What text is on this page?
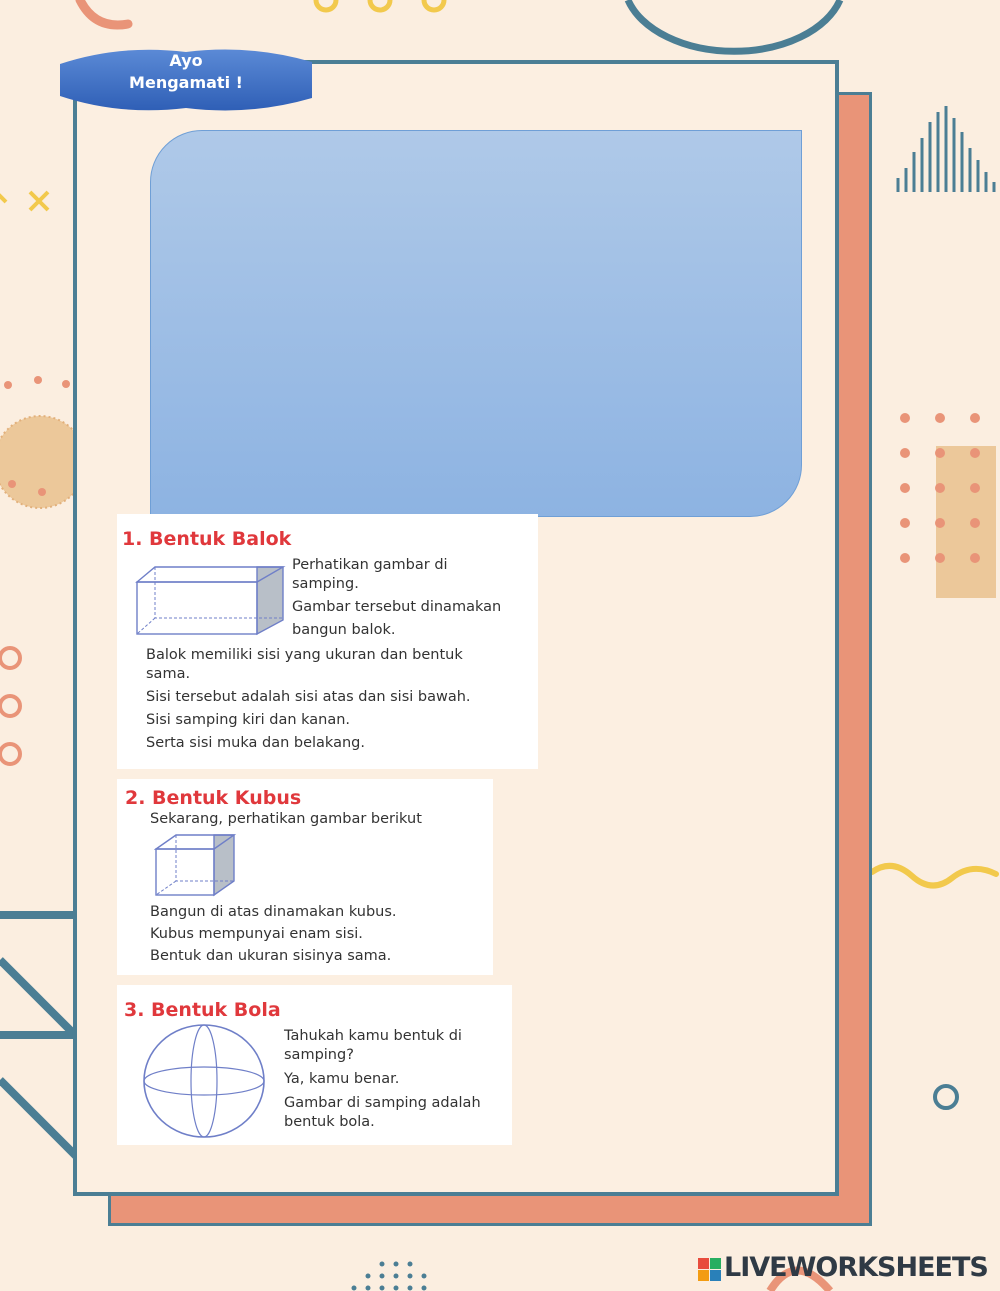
Ayo
Mengamati !
1. Bentuk Balok

Perhatikan gambar di

samping.

Gambar tersebut dinamakan

bangun balok.

Balok memiliki sisi yang ukuran dan bentuk

sama.

Sisi tersebut adalah sisi atas dan sisi bawah.

Sisi samping kiri dan kanan.

Serta sisi muka dan belakang.

2. Bentuk Kubus
Sekarang, perhatikan gambar berikut

Bangun di atas dinamakan kubus.

Kubus mempunyai enam sisi.

Bentuk dan ukuran sisinya sama.

3. Bentuk Bola

Tahukah kamu bentuk di

samping?

Ya, kamu benar.

Gambar di samping adalah

bentuk bola.

LIVEWORKSHEETS
